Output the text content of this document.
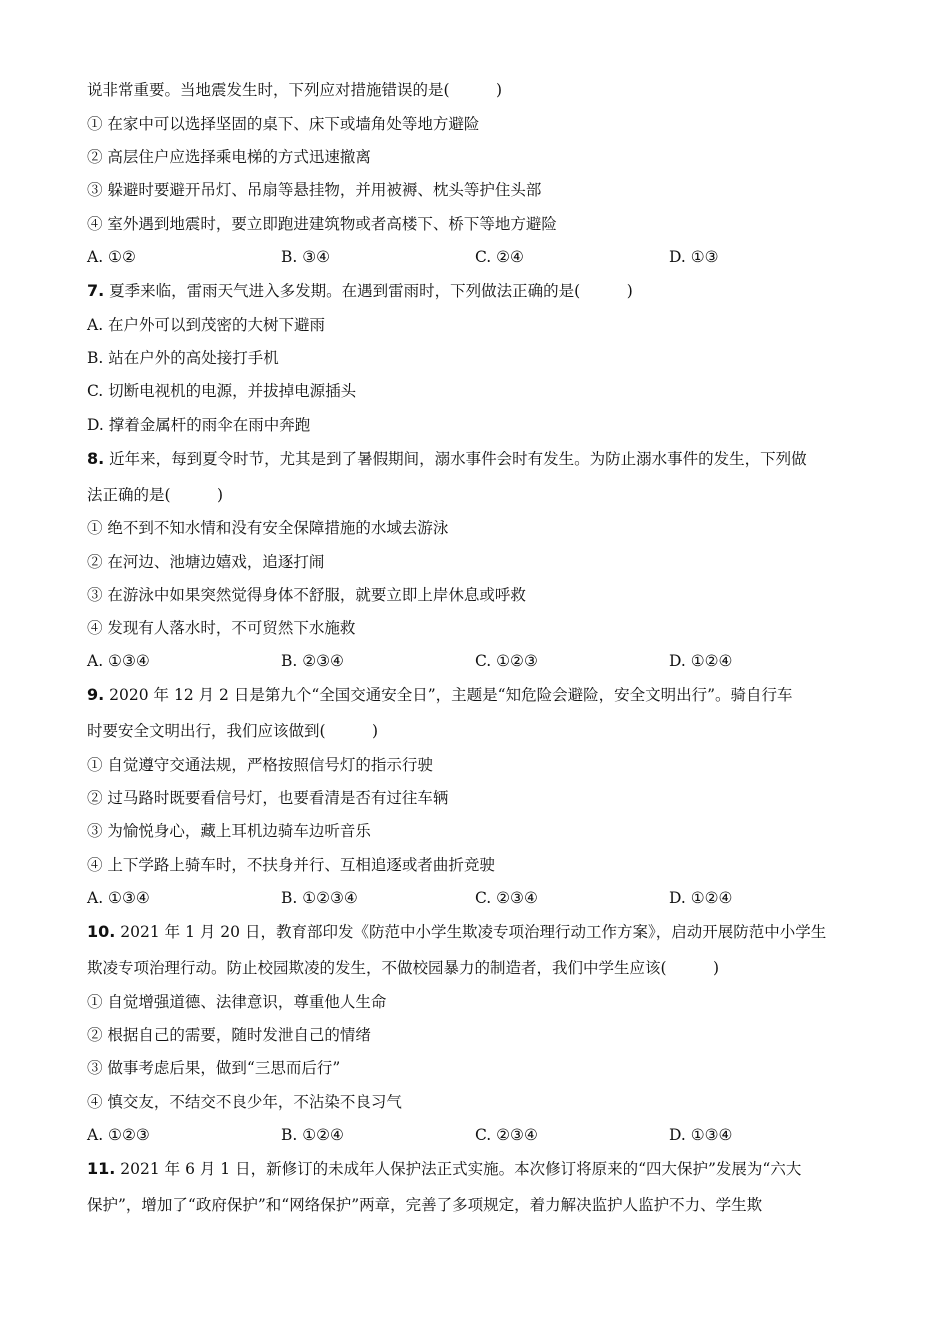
说非常重要。当地震发生时，下列应对措施错误的是(　　　)
① 在家中可以选择坚固的桌下、床下或墙角处等地方避险
② 高层住户应选择乘电梯的方式迅速撤离
③ 躲避时要避开吊灯、吊扇等悬挂物，并用被褥、枕头等护住头部
④ 室外遇到地震时，要立即跑进建筑物或者高楼下、桥下等地方避险
A. ①②	B. ③④	C. ②④	D. ①③
7. 夏季来临，雷雨天气进入多发期。在遇到雷雨时，下列做法正确的是(　　　)
A. 在户外可以到茂密的大树下避雨
B. 站在户外的高处接打手机
C. 切断电视机的电源，并拔掉电源插头
D. 撑着金属杆的雨伞在雨中奔跑
8. 近年来，每到夏令时节，尤其是到了暑假期间，溺水事件会时有发生。为防止溺水事件的发生，下列做
法正确的是(　　　)
① 绝不到不知水情和没有安全保障措施的水域去游泳
② 在河边、池塘边嬉戏，追逐打闹
③ 在游泳中如果突然觉得身体不舒服，就要立即上岸休息或呼救
④ 发现有人落水时，不可贸然下水施救
A. ①③④	B. ②③④	C. ①②③	D. ①②④
9. 2020 年 12 月 2 日是第九个“全国交通安全日”，主题是“知危险会避险，安全文明出行”。骑自行车
时要安全文明出行，我们应该做到(　　　)
① 自觉遵守交通法规，严格按照信号灯的指示行驶
② 过马路时既要看信号灯，也要看清是否有过往车辆
③ 为愉悦身心，藏上耳机边骑车边听音乐
④ 上下学路上骑车时，不扶身并行、互相追逐或者曲折竞驶
A. ①③④	B. ①②③④	C. ②③④	D. ①②④
10. 2021 年 1 月 20 日，教育部印发《防范中小学生欺凌专项治理行动工作方案》，启动开展防范中小学生
欺凌专项治理行动。防止校园欺凌的发生，不做校园暴力的制造者，我们中学生应该(　　　)
① 自觉增强道德、法律意识，尊重他人生命
② 根据自己的需要，随时发泄自己的情绪
③ 做事考虑后果，做到“三思而后行”
④ 慎交友，不结交不良少年，不沾染不良习气
A. ①②③	B. ①②④	C. ②③④	D. ①③④
11. 2021 年 6 月 1 日，新修订的未成年人保护法正式实施。本次修订将原来的“四大保护”发展为“六大
保护”，增加了“政府保护”和“网络保护”两章，完善了多项规定，着力解决监护人监护不力、学生欺
